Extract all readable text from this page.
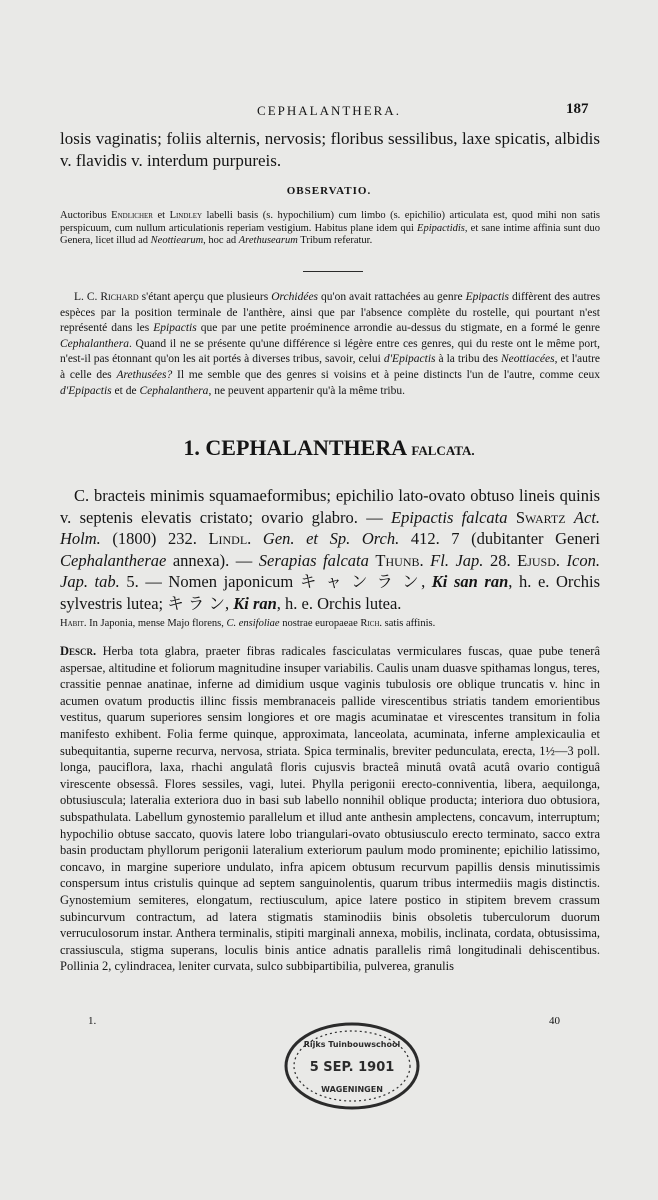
CEPHALANTHERA.	187
losis vaginatis; foliis alternis, nervosis; floribus sessilibus, laxe spicatis, albidis v. flavidis v. interdum purpureis.
OBSERVATIO.
Auctoribus Endlicher et Lindley labelli basis (s. hypochilium) cum limbo (s. epichilio) articulata est, quod mihi non satis perspicuum, cum nullum articulationis reperiam vestigium. Habitus plane idem qui Epipactidis, et sane intime affinia sunt duo Genera, licet illud ad Neottiearum, hoc ad Arethusearum Tribum referatur.
L. C. Richard s'étant aperçu que plusieurs Orchidées qu'on avait rattachées au genre Epipactis diffèrent des autres espèces par la position terminale de l'anthère, ainsi que par l'absence complète du rostelle, qui pourtant n'est représenté dans les Epipactis que par une petite proéminence arrondie au-dessus du stigmate, en a formé le genre Cephalanthera. Quand il ne se présente qu'une différence si légère entre ces genres, qui du reste ont le même port, n'est-il pas étonnant qu'on les ait portés à diverses tribus, savoir, celui d'Epipactis à la tribu des Neottiacées, et l'autre à celle des Arethusées? Il me semble que des genres si voisins et à peine distincts l'un de l'autre, comme ceux d'Epipactis et de Cephalanthera, ne peuvent appartenir qu'à la même tribu.
1. CEPHALANTHERA FALCATA.
C. bracteis minimis squamaeformibus; epichilio lato-ovato obtuso lineis quinis v. septenis elevatis cristato; ovario glabro. — Epipactis falcata Swartz Act. Holm. (1800) 232. Lindl. Gen. et Sp. Orch. 412. 7 (dubitanter Generi Cephalantherae annexa). — Serapias falcata Thunb. Fl. Jap. 28. Ejusd. Icon. Jap. tab. 5. — Nomen japonicum キ ャ ン ラ ン, Ki san ran, h. e. Orchis sylvestris lutea; キ ラ ン, Ki ran, h. e. Orchis lutea.
Habit. In Japonia, mense Majo florens, C. ensifoliae nostrae europaeae Rich. satis affinis.
Descr. Herba tota glabra, praeter fibras radicales fasciculatas vermiculares fuscas, quae pube tenerâ aspersae, altitudine et foliorum magnitudine insuper variabilis. Caulis unam duasve spithamas longus, teres, crassitie pennae anatinae, inferne ad dimidium usque vaginis tubulosis ore oblique truncatis v. hinc in acumen ovatum productis illinc fissis membranaceis pallide virescentibus striatis tandem emorientibus vestitus, quarum superiores sensim longiores et ore magis acuminatae et virescentes transitum in folia manifesto exhibent. Folia ferme quinque, approximata, lanceolata, acuminata, inferne amplexicaulia et subequitantia, superne recurva, nervosa, striata. Spica terminalis, breviter pedunculata, erecta, 1½—3 poll. longa, pauciflora, laxa, rhachi angulatâ floris cujusvis bracteâ minutâ ovatâ acutâ ovario contiguâ virescente obsessâ. Flores sessiles, vagi, lutei. Phylla perigonii erecto-conniventia, libera, aequilonga, obtusiuscula; lateralia exteriora duo in basi sub labello nonnihil oblique producta; interiora duo obtusiora, subspathulata. Labellum gynostemio parallelum et illud ante anthesin amplectens, concavum, interruptum; hypochilio obtuse saccato, quovis latere lobo triangulari-ovato obtusiusculo erecto terminato, sacco extra basin productam phyllorum perigonii lateralium exteriorum paulum modo prominente; epichilio latissimo, concavo, in margine superiore undulato, infra apicem obtusum recurvum papillis densis minutissimis conspersum intus cristulis quinque ad septem sanguinolentis, quarum tribus intermediis magis distinctis. Gynostemium semiteres, elongatum, rectiusculum, apice latere postico in stipitem brevem crassum subincurvum contractum, ad latera stigmatis staminodiis binis obsoletis tuberculorum duorum verruculosorum instar. Anthera terminalis, stipiti marginali annexa, mobilis, inclinata, cordata, obtusissima, crassiuscula, stigma superans, loculis binis antice adnatis parallelis rimâ longitudinali dehiscentibus. Pollinia 2, cylindracea, leniter curvata, sulco subbipartibilia, pulverea, granulis
1.	40
Rijks Tuinbouwschool
5 SEP. 1901
WAGENINGEN
